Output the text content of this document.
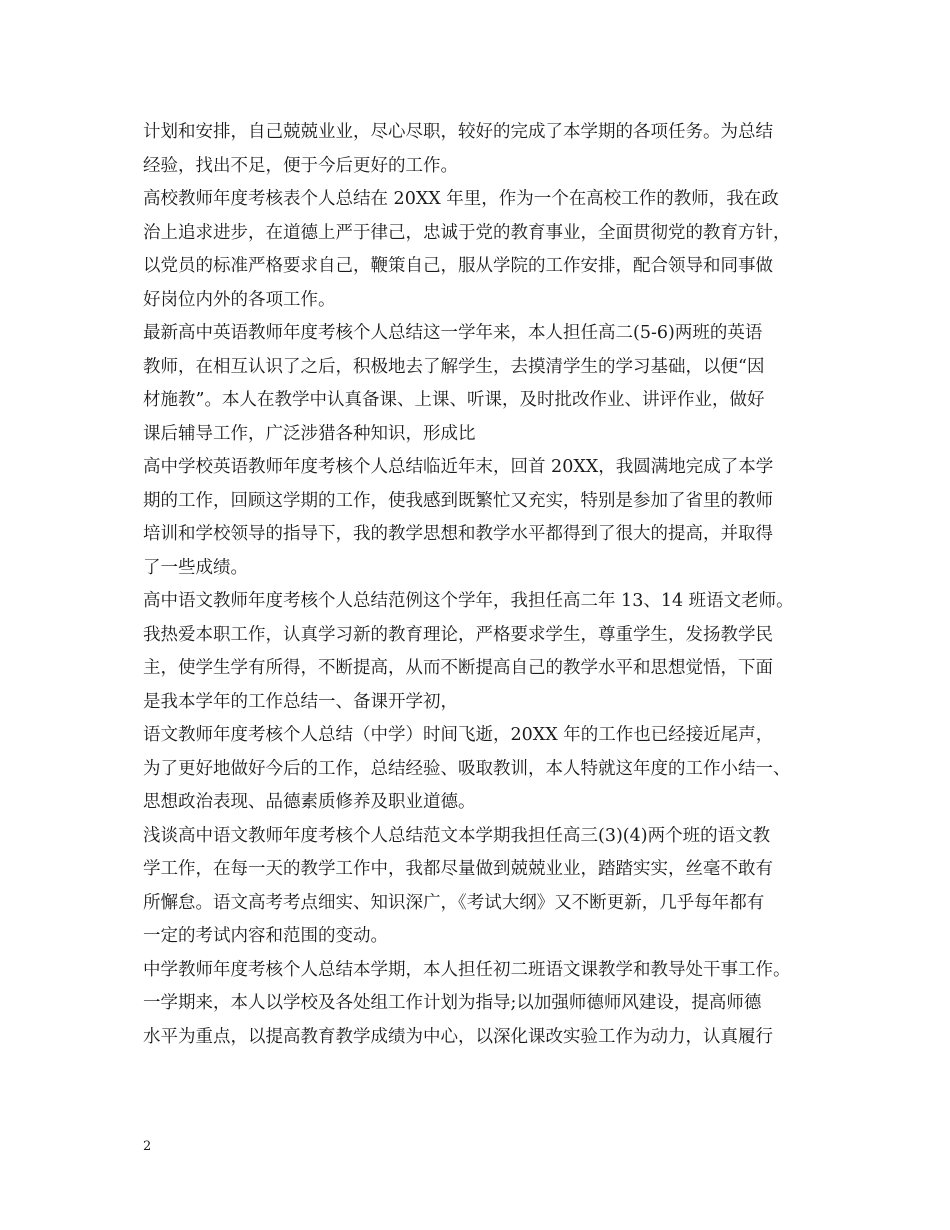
计划和安排，自己兢兢业业，尽心尽职，较好的完成了本学期的各项任务。为总结
经验，找出不足，便于今后更好的工作。
高校教师年度考核表个人总结在 20XX 年里，作为一个在高校工作的教师，我在政
治上追求进步，在道德上严于律己，忠诚于党的教育事业，全面贯彻党的教育方针，
以党员的标准严格要求自己，鞭策自己，服从学院的工作安排，配合领导和同事做
好岗位内外的各项工作。
最新高中英语教师年度考核个人总结这一学年来，本人担任高二(5-6)两班的英语
教师，在相互认识了之后，积极地去了解学生，去摸清学生的学习基础，以便“因
材施教”。本人在教学中认真备课、上课、听课，及时批改作业、讲评作业，做好
课后辅导工作，广泛涉猎各种知识，形成比
高中学校英语教师年度考核个人总结临近年末，回首 20XX，我圆满地完成了本学
期的工作，回顾这学期的工作，使我感到既繁忙又充实，特别是参加了省里的教师
培训和学校领导的指导下，我的教学思想和教学水平都得到了很大的提高，并取得
了一些成绩。
高中语文教师年度考核个人总结范例这个学年，我担任高二年 13、14 班语文老师。
我热爱本职工作，认真学习新的教育理论，严格要求学生，尊重学生，发扬教学民
主，使学生学有所得，不断提高，从而不断提高自己的教学水平和思想觉悟，下面
是我本学年的工作总结一、备课开学初，
语文教师年度考核个人总结（中学）时间飞逝，20XX 年的工作也已经接近尾声，
为了更好地做好今后的工作，总结经验、吸取教训，本人特就这年度的工作小结一、
思想政治表现、品德素质修养及职业道德。
浅谈高中语文教师年度考核个人总结范文本学期我担任高三(3)(4)两个班的语文教
学工作，在每一天的教学工作中，我都尽量做到兢兢业业，踏踏实实，丝毫不敢有
所懈怠。语文高考考点细实、知识深广，《考试大纲》又不断更新，几乎每年都有
一定的考试内容和范围的变动。
中学教师年度考核个人总结本学期，本人担任初二班语文课教学和教导处干事工作。
一学期来，本人以学校及各处组工作计划为指导;以加强师德师风建设，提高师德
水平为重点，以提高教育教学成绩为中心，以深化课改实验工作为动力，认真履行
2
